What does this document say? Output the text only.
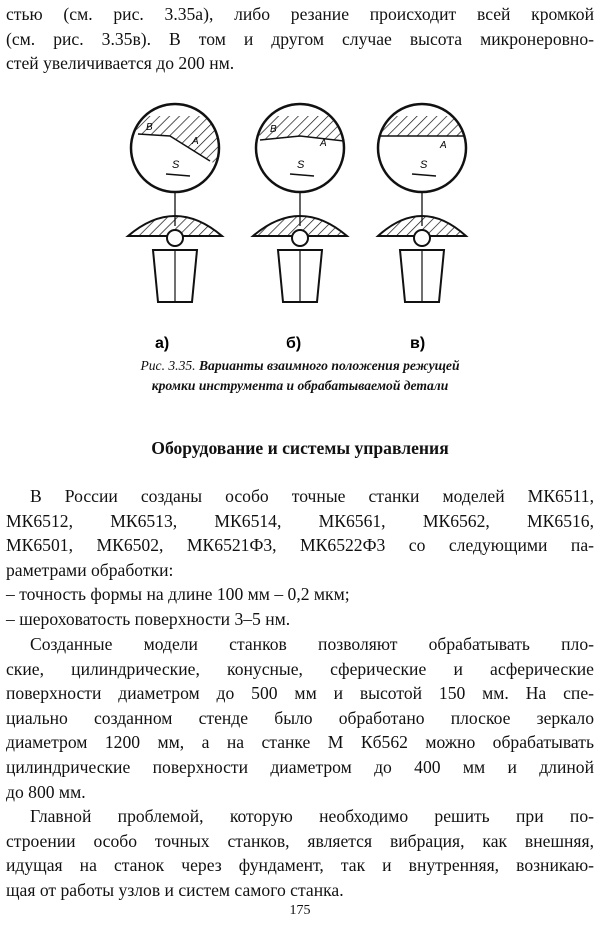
стью (см. рис. 3.35а), либо резание происходит всей кромкой
(см. рис. 3.35в). В том и другом случае высота микронеровно-
стей увеличивается до 200 нм.
В
А
S
В
А
S
А
S
а)	б)	в)
Рис. 3.35. Варианты взаимного положения режущей
кромки инструмента и обрабатываемой детали
Оборудование и системы управления
В России созданы особо точные станки моделей МК6511,
МК6512, МК6513, МК6514, МК6561, МК6562, МК6516,
МК6501, МК6502, МК6521Ф3, МК6522Ф3 со следующими па-
раметрами обработки:
– точность формы на длине 100 мм – 0,2 мкм;
– шероховатость поверхности 3–5 нм.
Созданные модели станков позволяют обрабатывать пло-
ские, цилиндрические, конусные, сферические и асферические
поверхности диаметром до 500 мм и высотой 150 мм. На спе-
циально созданном стенде было обработано плоское зеркало
диаметром 1200 мм, а на станке М Кб562 можно обрабатывать
цилиндрические поверхности диаметром до 400 мм и длиной
до 800 мм.
Главной проблемой, которую необходимо решить при по-
строении особо точных станков, является вибрация, как внешняя,
идущая на станок через фундамент, так и внутренняя, возникаю-
щая от работы узлов и систем самого станка.
175
